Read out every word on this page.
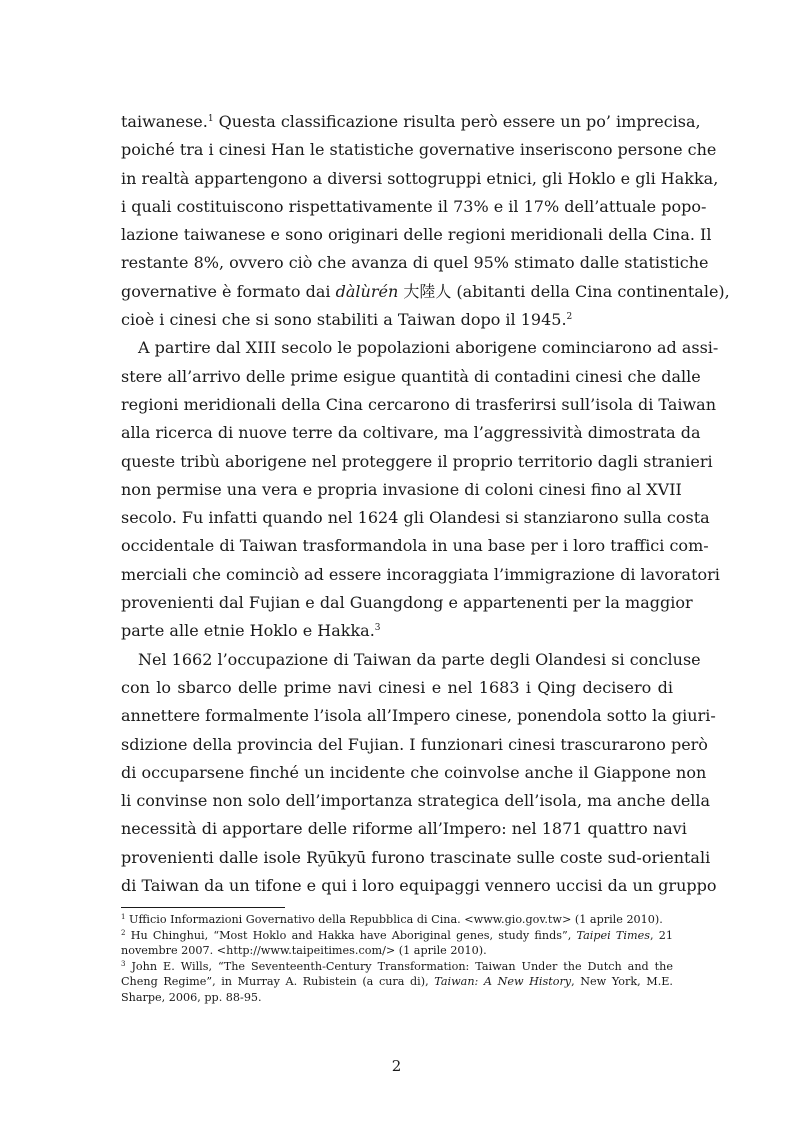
taiwanese.$^1$ Questa classificazione risulta però essere un po’ imprecisa,
poiché tra i cinesi Han le statistiche governative inseriscono persone che
in realtà appartengono a diversi sottogruppi etnici, gli Hoklo e gli Hakka,
i quali costituiscono rispettativamente il 73% e il 17% dell’attuale popo-
lazione taiwanese e sono originari delle regioni meridionali della Cina. Il
restante 8%, ovvero ciò che avanza di quel 95% stimato dalle statistiche
governative è formato dai dàlùrén 大陸人 (abitanti della Cina continentale),
cioè i cinesi che si sono stabiliti a Taiwan dopo il 1945.$^2$
A partire dal XIII secolo le popolazioni aborigene cominciarono ad assi-
stere all’arrivo delle prime esigue quantità di contadini cinesi che dalle
regioni meridionali della Cina cercarono di trasferirsi sull’isola di Taiwan
alla ricerca di nuove terre da coltivare, ma l’aggressività dimostrata da
queste tribù aborigene nel proteggere il proprio territorio dagli stranieri
non permise una vera e propria invasione di coloni cinesi fino al XVII
secolo. Fu infatti quando nel 1624 gli Olandesi si stanziarono sulla costa
occidentale di Taiwan trasformandola in una base per i loro traffici com-
merciali che cominciò ad essere incoraggiata l’immigrazione di lavoratori
provenienti dal Fujian e dal Guangdong e appartenenti per la maggior
parte alle etnie Hoklo e Hakka.$^3$
Nel 1662 l’occupazione di Taiwan da parte degli Olandesi si concluse
con lo sbarco delle prime navi cinesi e nel 1683 i Qing decisero di
annettere formalmente l’isola all’Impero cinese, ponendola sotto la giuri-
sdizione della provincia del Fujian. I funzionari cinesi trascurarono però
di occuparsene finché un incidente che coinvolse anche il Giappone non
li convinse non solo dell’importanza strategica dell’isola, ma anche della
necessità di apportare delle riforme all’Impero: nel 1871 quattro navi
provenienti dalle isole Ryūkyū furono trascinate sulle coste sud-orientali
di Taiwan da un tifone e qui i loro equipaggi vennero uccisi da un gruppo
$^1$ Ufficio Informazioni Governativo della Repubblica di Cina. <www.gio.gov.tw> (1 aprile 2010).
$^2$ Hu Chinghui, “Most Hoklo and Hakka have Aboriginal genes, study finds”, Taipei Times, 21
novembre 2007. <http://www.taipeitimes.com/> (1 aprile 2010).
$^3$ John E. Wills, “The Seventeenth-Century Transformation: Taiwan Under the Dutch and the
Cheng Regime”, in Murray A. Rubistein (a cura di), Taiwan: A New History, New York, M.E.
Sharpe, 2006, pp. 88-95.
2
